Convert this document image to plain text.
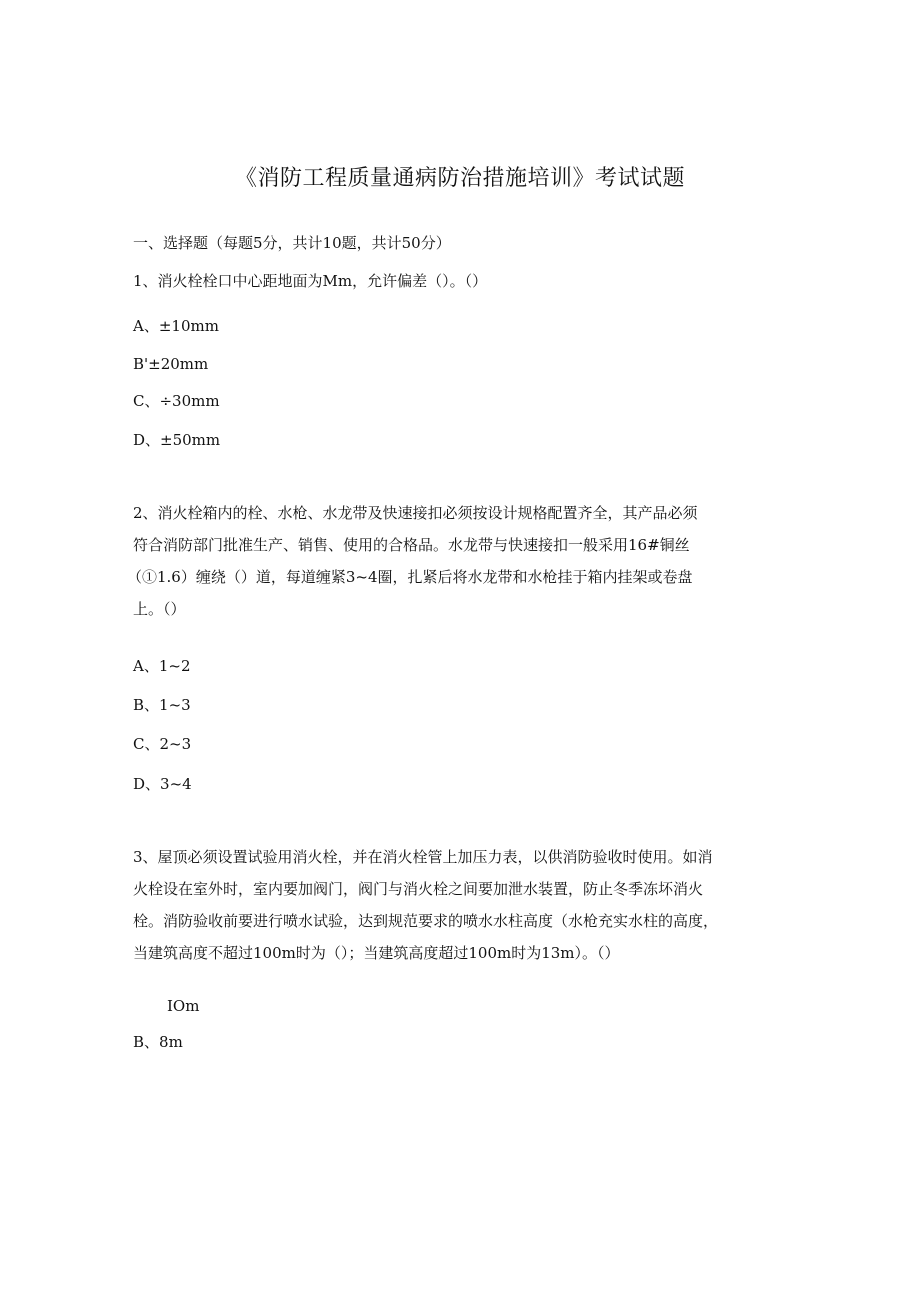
《消防工程质量通病防治措施培训》考试试题
一、选择题（每题5分，共计10题，共计50分）
1、消火栓栓口中心距地面为Mm，允许偏差（）。（）
A、±10mm
B'±20mm
C、÷30mm
D、±50mm
2、消火栓箱内的栓、水枪、水龙带及快速接扣必须按设计规格配置齐全，其产品必须
符合消防部门批准生产、销售、使用的合格品。水龙带与快速接扣一般采用16#铜丝
（①1.6）缠绕（）道，每道缠紧3~4圈，扎紧后将水龙带和水枪挂于箱内挂架或卷盘
上。（）
A、1~2
B、1~3
C、2~3
D、3~4
3、屋顶必须设置试验用消火栓，并在消火栓管上加压力表，以供消防验收时使用。如消
火栓设在室外时，室内要加阀门，阀门与消火栓之间要加泄水装置，防止冬季冻坏消火
栓。消防验收前要进行喷水试验，达到规范要求的喷水水柱高度（水枪充实水柱的高度，
当建筑高度不超过100m时为（）；当建筑高度超过100m时为13m）。（）
IOm
B、8m
